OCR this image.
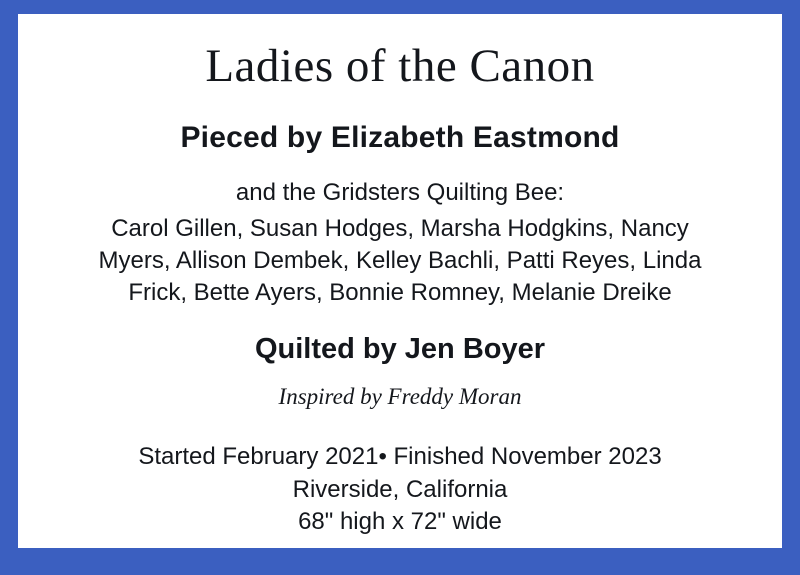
Ladies of the Canon
Pieced by Elizabeth Eastmond
and the Gridsters Quilting Bee:
Carol Gillen, Susan Hodges, Marsha Hodgkins, Nancy
Myers, Allison Dembek, Kelley Bachli, Patti Reyes, Linda
Frick, Bette Ayers, Bonnie Romney, Melanie Dreike
Quilted by Jen Boyer
Inspired by Freddy Moran
Started February 2021• Finished November 2023
Riverside, California
68" high x 72" wide
